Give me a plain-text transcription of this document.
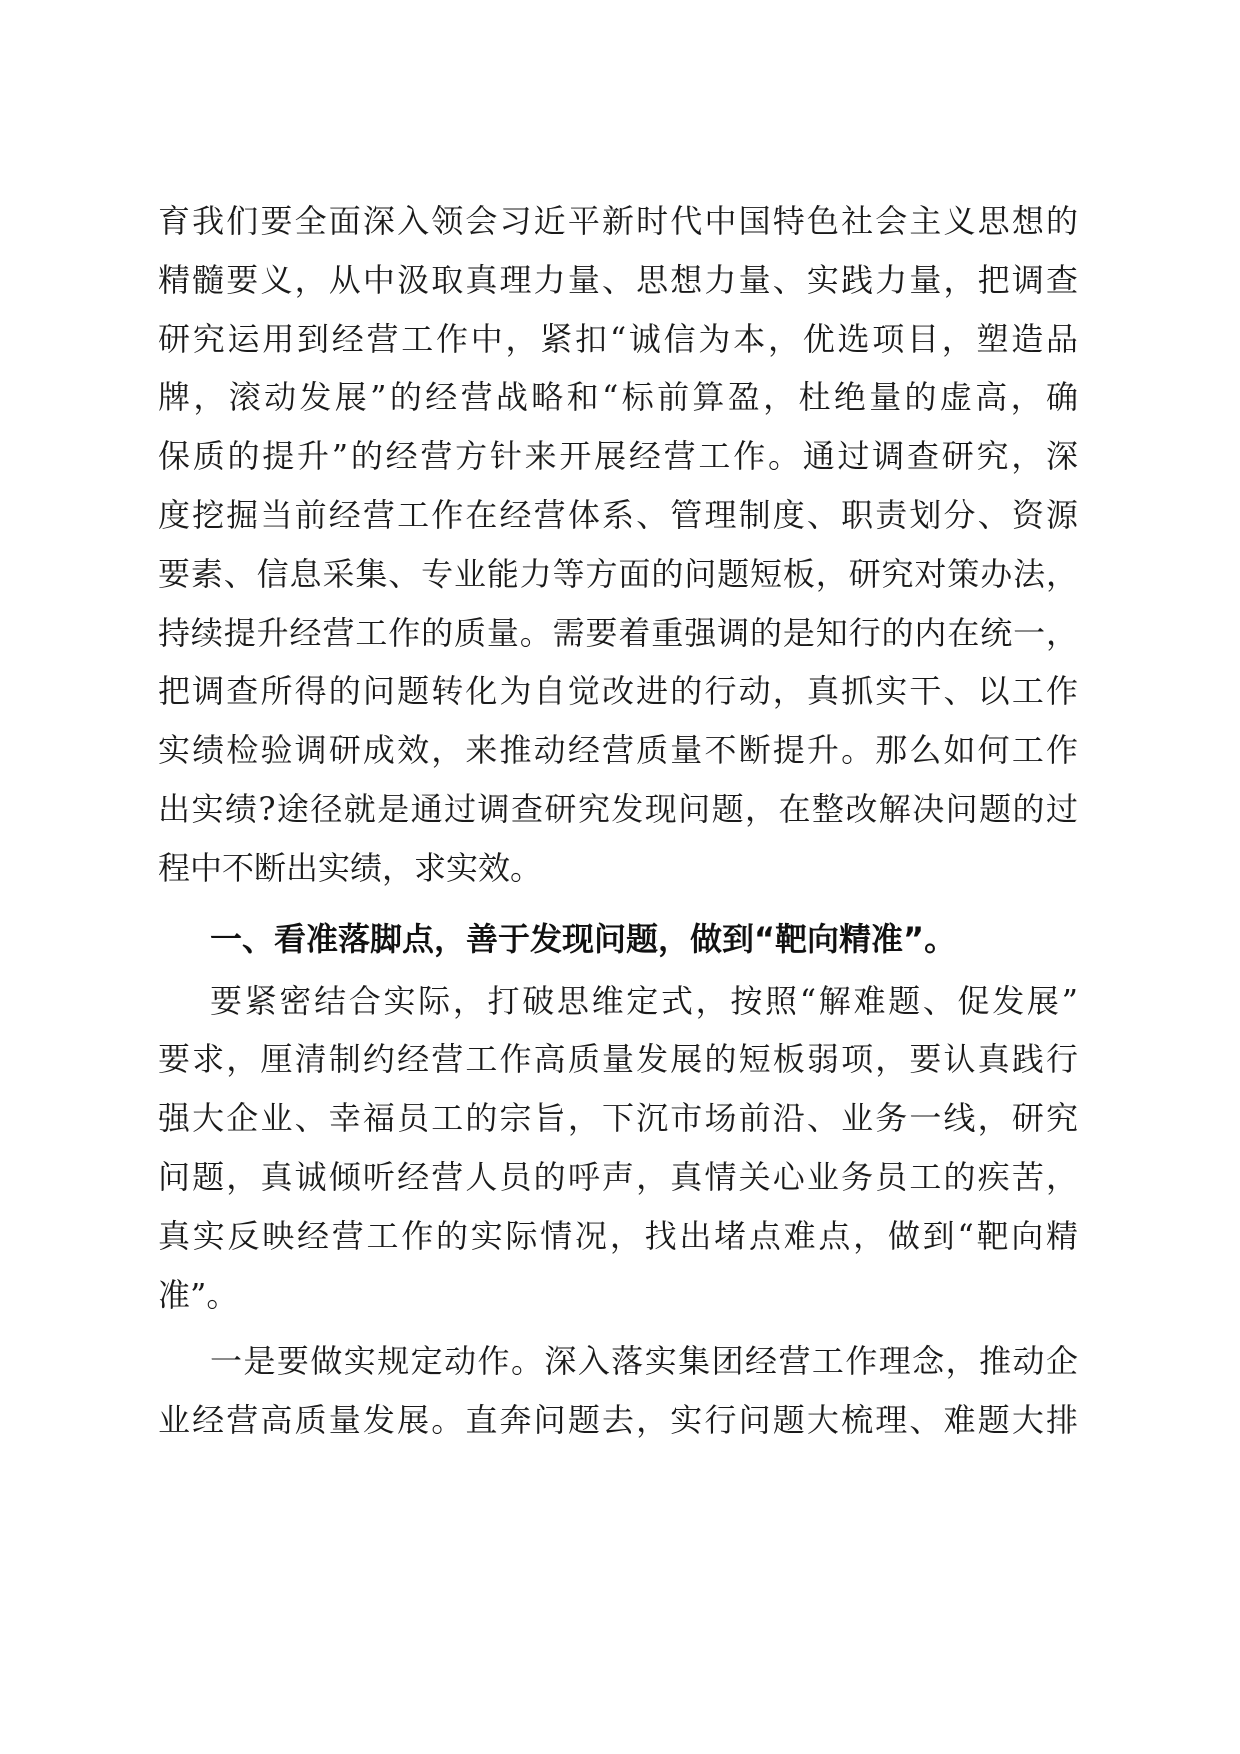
育我们要全面深入领会习近平新时代中国特色社会主义思想的
精髓要义，从中汲取真理力量、思想力量、实践力量，把调查
研究运用到经营工作中，紧扣“诚信为本，优选项目，塑造品
牌，滚动发展”的经营战略和“标前算盈，杜绝量的虚高，确
保质的提升”的经营方针来开展经营工作。通过调查研究，深
度挖掘当前经营工作在经营体系、管理制度、职责划分、资源
要素、信息采集、专业能力等方面的问题短板，研究对策办法，
持续提升经营工作的质量。需要着重强调的是知行的内在统一，
把调查所得的问题转化为自觉改进的行动，真抓实干、以工作
实绩检验调研成效，来推动经营质量不断提升。那么如何工作
出实绩?途径就是通过调查研究发现问题，在整改解决问题的过
程中不断出实绩，求实效。
一、看准落脚点，善于发现问题，做到“靶向精准”。
要紧密结合实际，打破思维定式，按照“解难题、促发展”
要求，厘清制约经营工作高质量发展的短板弱项，要认真践行
强大企业、幸福员工的宗旨，下沉市场前沿、业务一线，研究
问题，真诚倾听经营人员的呼声，真情关心业务员工的疾苦，
真实反映经营工作的实际情况，找出堵点难点，做到“靶向精
准”。
一是要做实规定动作。深入落实集团经营工作理念，推动企
业经营高质量发展。直奔问题去，实行问题大梳理、难题大排
